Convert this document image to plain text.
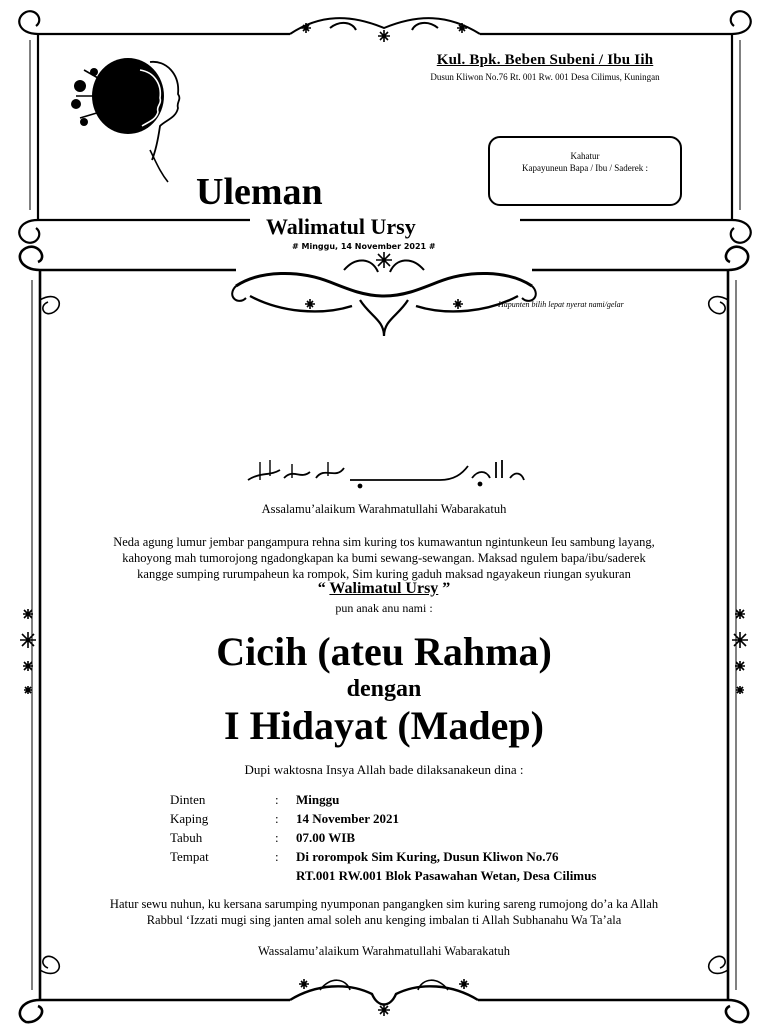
Kul. Bpk. Beben Subeni / Ibu Iih
Dusun Kliwon No.76 Rt. 001 Rw. 001 Desa Cilimus, Kuningan
Kahatur
Kapayuneun Bapa / Ibu / Saderek :
Uleman
Walimatul Ursy
# Minggu, 14 November 2021 #
Hapunten bilih lepat nyerat nami/gelar
Assalamu’alaikum Warahmatullahi Wabarakatuh
Neda agung lumur jembar pangampura rehna sim kuring tos kumawantun ngintunkeun Ieu sambung layang,
kahoyong mah tumorojong ngadongkapan ka bumi sewang-sewangan. Maksad ngulem bapa/ibu/saderek
kangge sumping rurumpaheun ka rompok, Sim kuring gaduh maksad ngayakeun riungan syukuran
“ Walimatul Ursy ”
pun anak anu nami :
Cicih (ateu Rahma)
dengan
I Hidayat (Madep)
Dupi waktosna Insya Allah bade dilaksanakeun dina :
Dinten	: Minggu
Kaping	: 14 November 2021
Tabuh	: 07.00 WIB
Tempat	: Di rorompok Sim Kuring, Dusun Kliwon No.76
RT.001 RW.001 Blok Pasawahan Wetan, Desa Cilimus
Hatur sewu nuhun, ku kersana sarumping nyumponan pangangken sim kuring sareng rumojong do’a ka Allah
Rabbul ‘Izzati mugi sing janten amal soleh anu kenging imbalan ti Allah Subhanahu Wa Ta’ala
Wassalamu’alaikum Warahmatullahi Wabarakatuh
